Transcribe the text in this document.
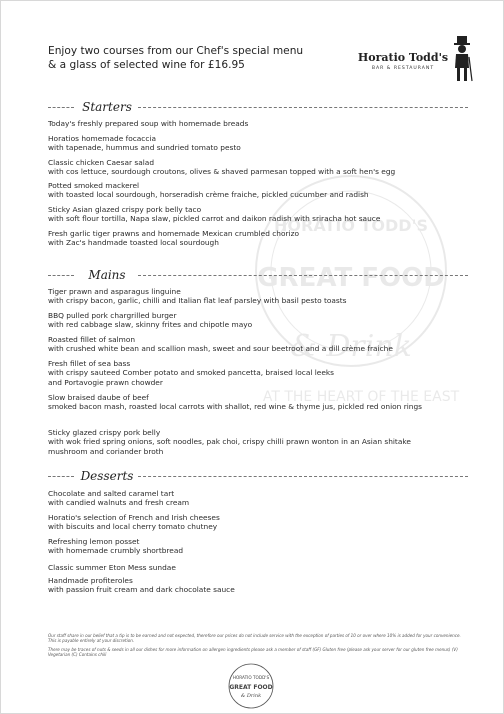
HORATIO TODD'S
GREAT FOOD
& Drink
AT THE HEART OF THE EAST
Enjoy two courses from our Chef's special menu
& a glass of selected wine for £16.95
Horatio Todd's
BAR & RESTAURANT
Starters
Today's freshly prepared soup with homemade breads
Horatios homemade focaccia
with tapenade, hummus and sundried tomato pesto
Classic chicken Caesar salad
with cos lettuce, sourdough croutons, olives & shaved parmesan topped with a soft hen's egg
Potted smoked mackerel
with toasted local sourdough, horseradish crème fraiche, pickled cucumber and radish
Sticky Asian glazed crispy pork belly taco
with soft flour tortilla, Napa slaw, pickled carrot and daikon radish with sriracha hot sauce
Fresh garlic tiger prawns and homemade Mexican crumbled chorizo
with Zac's handmade toasted local sourdough
Mains
Tiger prawn and asparagus linguine
with crispy bacon, garlic, chilli and Italian flat leaf parsley with basil pesto toasts
BBQ pulled pork chargrilled burger
with red cabbage slaw, skinny frites and chipotle mayo
Roasted fillet of salmon
with crushed white bean and scallion mash, sweet and sour beetroot and a dill crème fraiche
Fresh fillet of sea bass
with crispy sauteed Comber potato and smoked pancetta, braised local leeks
and Portavogie prawn chowder
Slow braised daube of beef
smoked bacon mash, roasted local carrots with shallot, red wine & thyme jus, pickled red onion rings
Sticky glazed crispy pork belly
with wok fried spring onions, soft noodles, pak choi, crispy chilli prawn wonton in an Asian shitake
mushroom and coriander broth
Desserts
Chocolate and salted caramel tart
with candied walnuts and fresh cream
Horatio's selection of French and Irish cheeses
with biscuits and local cherry tomato chutney
Refreshing lemon posset
with homemade crumbly shortbread
Classic summer Eton Mess sundae
Handmade profiteroles
with passion fruit cream and dark chocolate sauce

Our staff share in our belief that a tip is to be earned and not expected, therefore our prices do not include service with the exception of parties of 10 or over where 10% is added for your convenience. This is payable entirely at your discretion.

There may be traces of nuts & seeds in all our dishes for more information on allergen ingredients please ask a member of staff (GF) Gluten free (please ask your server for our gluten free menus) (V) Vegetarian (C) Contains chili

HORATIO TODD'S
GREAT FOOD
& Drink
